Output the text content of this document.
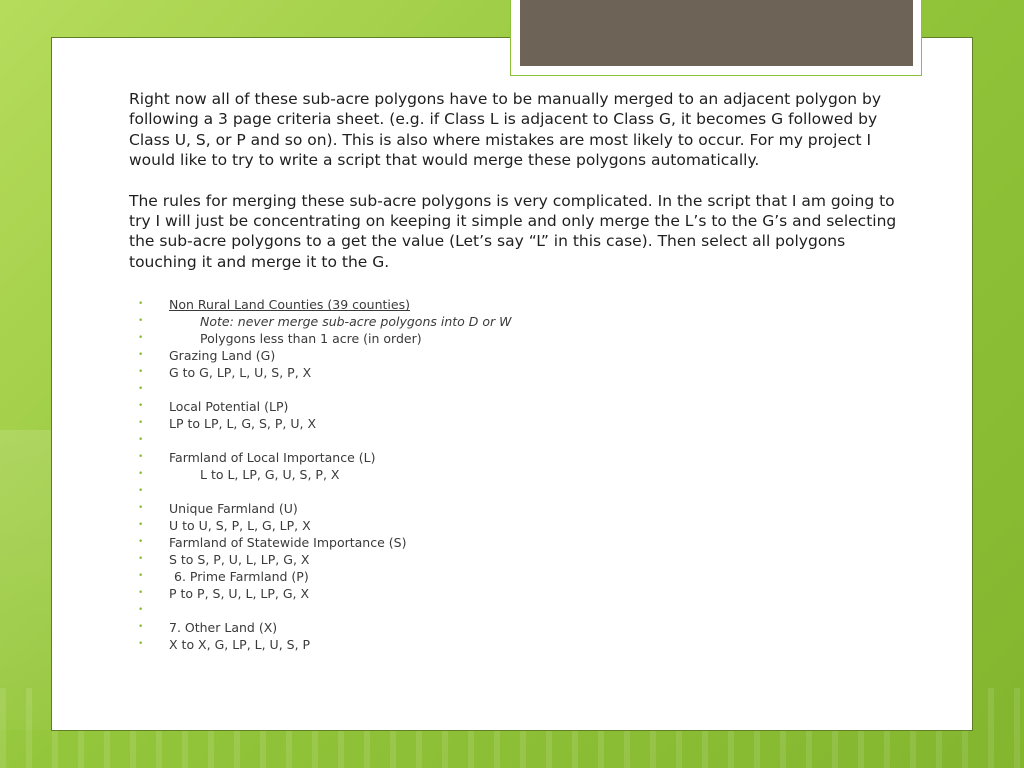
Right now all of these sub-acre polygons have to be manually merged to an adjacent polygon by following a 3 page criteria sheet. (e.g. if Class L is adjacent to Class G, it becomes G followed by Class U, S, or P and so on). This is also where mistakes are most likely to occur. For my project I would like to try to write a script that would merge these polygons automatically.

The rules for merging these sub-acre polygons is very complicated. In the script that I am going to try I will just be concentrating on keeping it simple and only merge the L’s to the G’s and selecting the sub-acre polygons to a get the value (Let’s say “L” in this case). Then select all polygons touching it and merge it to the G.

• Non Rural Land Counties (39 counties)
• Note: never merge sub-acre polygons into D or W
• Polygons less than 1 acre (in order)
• Grazing Land (G)
• G to G, LP, L, U, S, P, X
•
• Local Potential (LP)
• LP to LP, L, G, S, P, U, X
•
• Farmland of Local Importance (L)
• L to L, LP, G, U, S, P, X
•
• Unique Farmland (U)
• U to U, S, P, L, G, LP, X
• Farmland of Statewide Importance (S)
• S to S, P, U, L, LP, G, X
• 6. Prime Farmland (P)
• P to P, S, U, L, LP, G, X
•
• 7. Other Land (X)
• X to X, G, LP, L, U, S, P
